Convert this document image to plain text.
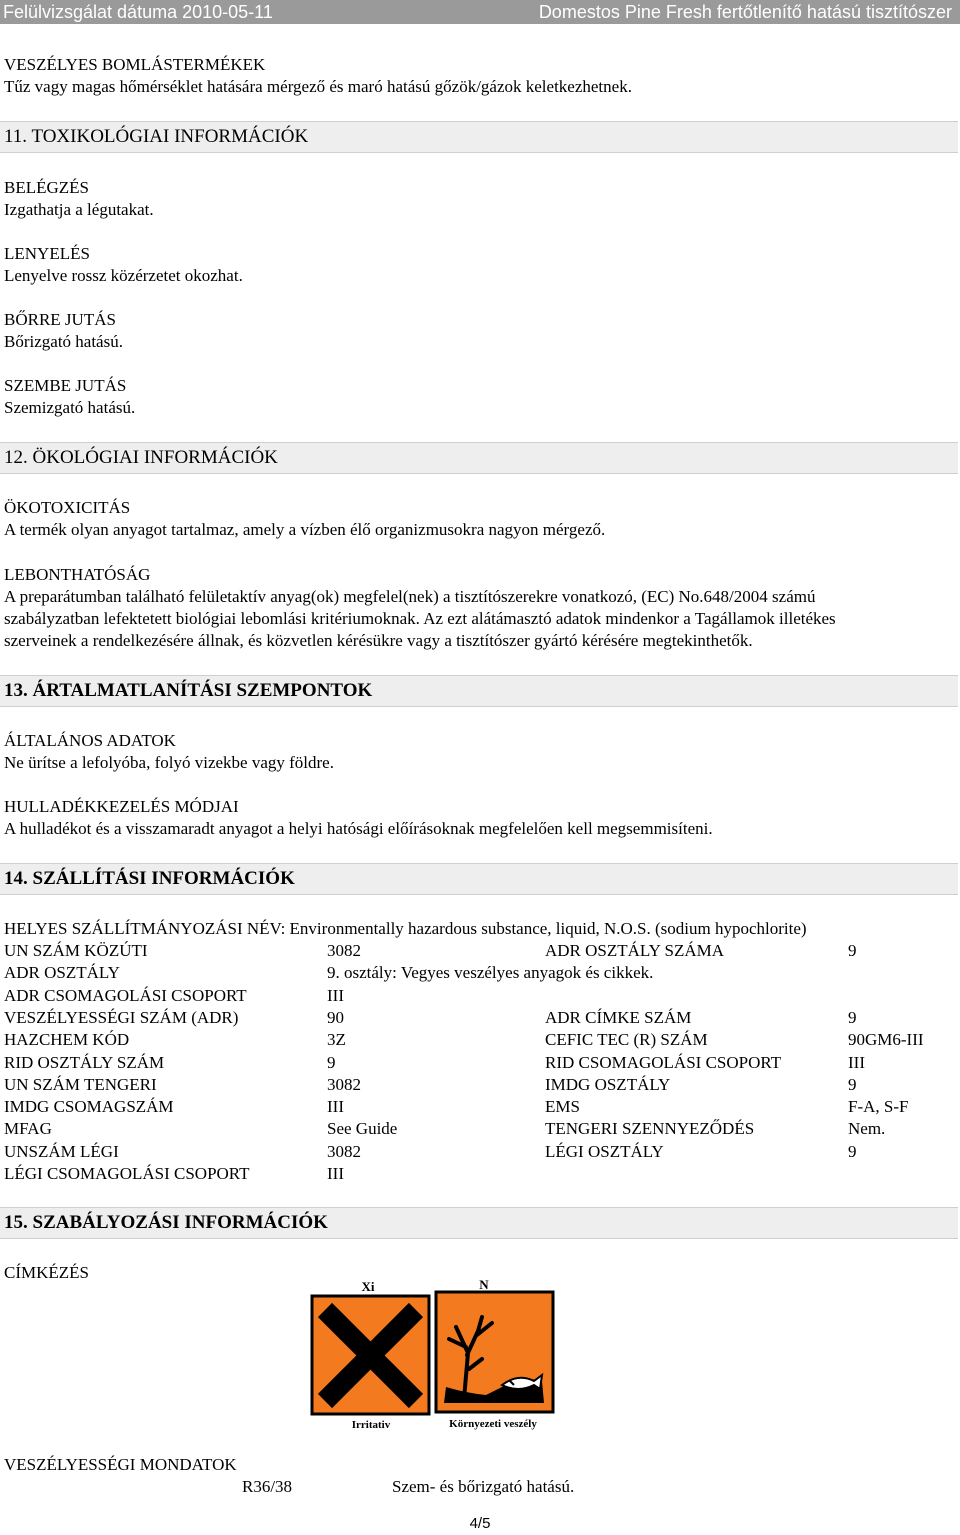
Felülvizsgálat dátuma 2010-05-11	Domestos Pine Fresh fertőtlenítő hatású tisztítószer
VESZÉLYES BOMLÁSTERMÉKEK
Tűz vagy magas hőmérséklet hatására mérgező és maró hatású gőzök/gázok keletkezhetnek.
11. TOXIKOLÓGIAI INFORMÁCIÓK
BELÉGZÉS
Izgathatja a légutakat.
LENYELÉS
Lenyelve rossz közérzetet okozhat.
BŐRRE JUTÁS
Bőrizgató hatású.
SZEMBE JUTÁS
Szemizgató hatású.
12. ÖKOLÓGIAI INFORMÁCIÓK
ÖKOTOXICITÁS
A termék olyan anyagot tartalmaz, amely a vízben élő organizmusokra nagyon mérgező.
LEBONTHATÓSÁG
A preparátumban található felületaktív anyag(ok) megfelel(nek) a tisztítószerekre vonatkozó, (EC) No.648/2004 számú
szabályzatban lefektetett biológiai lebomlási kritériumoknak. Az ezt alátámasztó adatok mindenkor a Tagállamok illetékes
szerveinek a rendelkezésére állnak, és közvetlen kérésükre vagy a tisztítószer gyártó kérésére megtekinthetők.
13. ÁRTALMATLANÍTÁSI SZEMPONTOK
ÁLTALÁNOS ADATOK
Ne ürítse a lefolyóba, folyó vizekbe vagy földre.
HULLADÉKKEZELÉS MÓDJAI
A hulladékot és a visszamaradt anyagot a helyi hatósági előírásoknak megfelelően kell megsemmisíteni.
14. SZÁLLÍTÁSI INFORMÁCIÓK
HELYES SZÁLLÍTMÁNYOZÁSI NÉV: Environmentally hazardous substance, liquid, N.O.S. (sodium hypochlorite)
UN SZÁM KÖZÚTI	3082	ADR OSZTÁLY SZÁMA	9
ADR OSZTÁLY	9. osztály: Vegyes veszélyes anyagok és cikkek.
ADR CSOMAGOLÁSI CSOPORT	III
VESZÉLYESSÉGI SZÁM (ADR)	90	ADR CÍMKE SZÁM	9
HAZCHEM KÓD	3Z	CEFIC TEC (R) SZÁM	90GM6-III
RID OSZTÁLY SZÁM	9	RID CSOMAGOLÁSI CSOPORT	III
UN SZÁM TENGERI	3082	IMDG OSZTÁLY	9
IMDG CSOMAGSZÁM	III	EMS	F-A, S-F
MFAG	See Guide	TENGERI SZENNYEZŐDÉS	Nem.
UNSZÁM LÉGI	3082	LÉGI OSZTÁLY	9
LÉGI CSOMAGOLÁSI CSOPORT	III
15. SZABÁLYOZÁSI INFORMÁCIÓK
CÍMKÉZÉS
Xi
Irritativ
N
Környezeti veszély
VESZÉLYESSÉGI MONDATOK
R36/38	Szem- és bőrizgató hatású.
4/5
